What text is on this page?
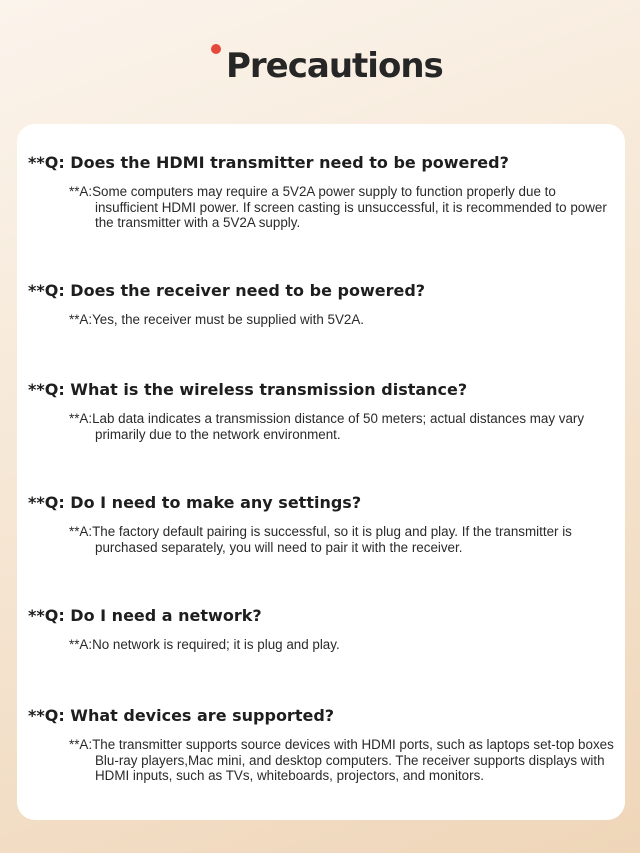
Precautions
**Q: Does the HDMI transmitter need to be powered?
**A:Some computers may require a 5V2A power supply to function properly due to insufficient HDMI power. If screen casting is unsuccessful, it is recommended to power the transmitter with a 5V2A supply.
**Q: Does the receiver need to be powered?
**A:Yes, the receiver must be supplied with 5V2A.
**Q: What is the wireless transmission distance?
**A:Lab data indicates a transmission distance of 50 meters; actual distances may vary primarily due to the network environment.
**Q: Do I need to make any settings?
**A:The factory default pairing is successful, so it is plug and play. If the transmitter is purchased separately, you will need to pair it with the receiver.
**Q: Do I need a network?
**A:No network is required; it is plug and play.
**Q: What devices are supported?
**A:The transmitter supports source devices with HDMI ports, such as laptops set-top boxes Blu-ray players,Mac mini, and desktop computers. The receiver supports displays with HDMI inputs, such as TVs, whiteboards, projectors, and monitors.
